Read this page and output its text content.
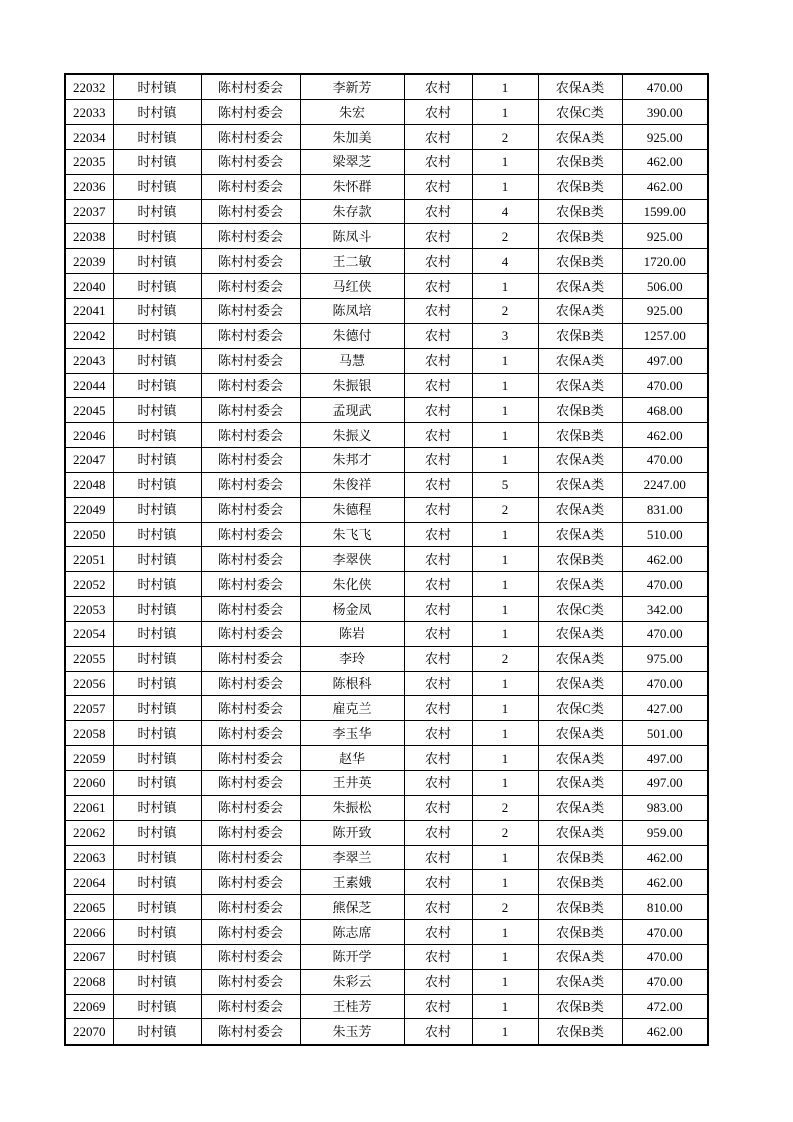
22032	时村镇	陈村村委会	李新芳	农村	1	农保A类	470.00
22033	时村镇	陈村村委会	朱宏	农村	1	农保C类	390.00
22034	时村镇	陈村村委会	朱加美	农村	2	农保A类	925.00
22035	时村镇	陈村村委会	梁翠芝	农村	1	农保B类	462.00
22036	时村镇	陈村村委会	朱怀群	农村	1	农保B类	462.00
22037	时村镇	陈村村委会	朱存款	农村	4	农保B类	1599.00
22038	时村镇	陈村村委会	陈凤斗	农村	2	农保B类	925.00
22039	时村镇	陈村村委会	王二敏	农村	4	农保B类	1720.00
22040	时村镇	陈村村委会	马红侠	农村	1	农保A类	506.00
22041	时村镇	陈村村委会	陈凤培	农村	2	农保A类	925.00
22042	时村镇	陈村村委会	朱德付	农村	3	农保B类	1257.00
22043	时村镇	陈村村委会	马慧	农村	1	农保A类	497.00
22044	时村镇	陈村村委会	朱振银	农村	1	农保A类	470.00
22045	时村镇	陈村村委会	孟现武	农村	1	农保B类	468.00
22046	时村镇	陈村村委会	朱振义	农村	1	农保B类	462.00
22047	时村镇	陈村村委会	朱邦才	农村	1	农保A类	470.00
22048	时村镇	陈村村委会	朱俊祥	农村	5	农保A类	2247.00
22049	时村镇	陈村村委会	朱德程	农村	2	农保A类	831.00
22050	时村镇	陈村村委会	朱飞飞	农村	1	农保A类	510.00
22051	时村镇	陈村村委会	李翠侠	农村	1	农保B类	462.00
22052	时村镇	陈村村委会	朱化侠	农村	1	农保A类	470.00
22053	时村镇	陈村村委会	杨金凤	农村	1	农保C类	342.00
22054	时村镇	陈村村委会	陈岩	农村	1	农保A类	470.00
22055	时村镇	陈村村委会	李玲	农村	2	农保A类	975.00
22056	时村镇	陈村村委会	陈根科	农村	1	农保A类	470.00
22057	时村镇	陈村村委会	雇克兰	农村	1	农保C类	427.00
22058	时村镇	陈村村委会	李玉华	农村	1	农保A类	501.00
22059	时村镇	陈村村委会	赵华	农村	1	农保A类	497.00
22060	时村镇	陈村村委会	王井英	农村	1	农保A类	497.00
22061	时村镇	陈村村委会	朱振松	农村	2	农保A类	983.00
22062	时村镇	陈村村委会	陈开致	农村	2	农保A类	959.00
22063	时村镇	陈村村委会	李翠兰	农村	1	农保B类	462.00
22064	时村镇	陈村村委会	王素娥	农村	1	农保B类	462.00
22065	时村镇	陈村村委会	熊保芝	农村	2	农保B类	810.00
22066	时村镇	陈村村委会	陈志席	农村	1	农保B类	470.00
22067	时村镇	陈村村委会	陈开学	农村	1	农保A类	470.00
22068	时村镇	陈村村委会	朱彩云	农村	1	农保A类	470.00
22069	时村镇	陈村村委会	王桂芳	农村	1	农保B类	472.00
22070	时村镇	陈村村委会	朱玉芳	农村	1	农保B类	462.00
